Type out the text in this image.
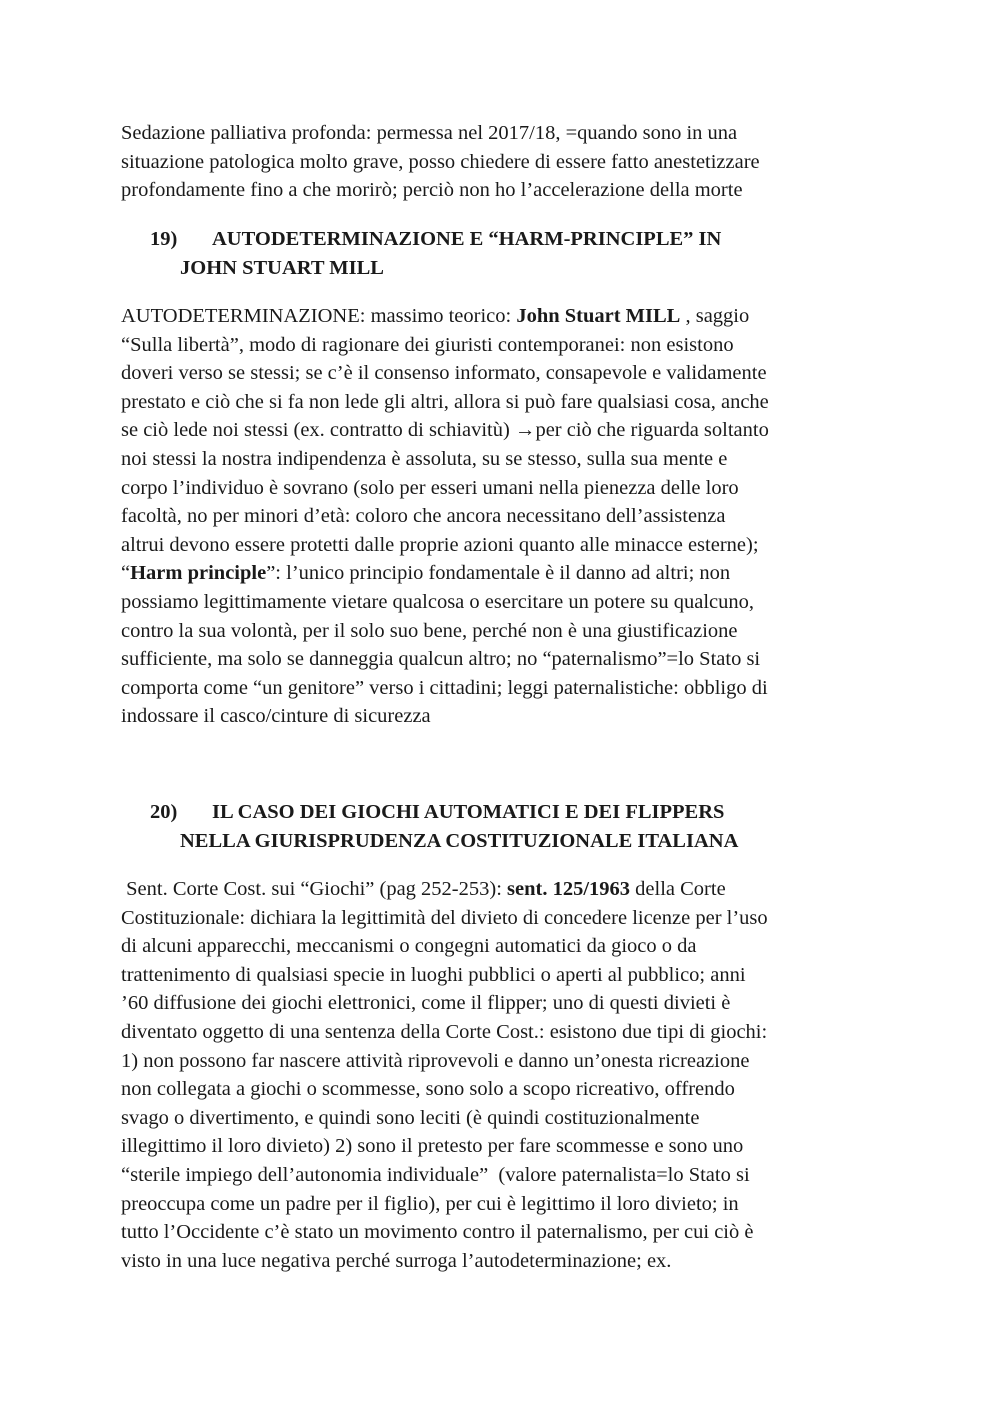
Sedazione palliativa profonda: permessa nel 2017/18, =quando sono in una
situazione patologica molto grave, posso chiedere di essere fatto anestetizzare
profondamente fino a che morirò; perciò non ho l’accelerazione della morte
19) AUTODETERMINAZIONE E “HARM-PRINCIPLE” IN
JOHN STUART MILL
AUTODETERMINAZIONE: massimo teorico: John Stuart MILL , saggio
“Sulla libertà”, modo di ragionare dei giuristi contemporanei: non esistono
doveri verso se stessi; se c’è il consenso informato, consapevole e validamente
prestato e ciò che si fa non lede gli altri, allora si può fare qualsiasi cosa, anche
se ciò lede noi stessi (ex. contratto di schiavitù) →per ciò che riguarda soltanto
noi stessi la nostra indipendenza è assoluta, su se stesso, sulla sua mente e
corpo l’individuo è sovrano (solo per esseri umani nella pienezza delle loro
facoltà, no per minori d’età: coloro che ancora necessitano dell’assistenza
altrui devono essere protetti dalle proprie azioni quanto alle minacce esterne);
“Harm principle”: l’unico principio fondamentale è il danno ad altri; non
possiamo legittimamente vietare qualcosa o esercitare un potere su qualcuno,
contro la sua volontà, per il solo suo bene, perché non è una giustificazione
sufficiente, ma solo se danneggia qualcun altro; no “paternalismo”=lo Stato si
comporta come “un genitore” verso i cittadini; leggi paternalistiche: obbligo di
indossare il casco/cinture di sicurezza
20) IL CASO DEI GIOCHI AUTOMATICI E DEI FLIPPERS
NELLA GIURISPRUDENZA COSTITUZIONALE ITALIANA
Sent. Corte Cost. sui “Giochi” (pag 252-253): sent. 125/1963 della Corte
Costituzionale: dichiara la legittimità del divieto di concedere licenze per l’uso
di alcuni apparecchi, meccanismi o congegni automatici da gioco o da
trattenimento di qualsiasi specie in luoghi pubblici o aperti al pubblico; anni
’60 diffusione dei giochi elettronici, come il flipper; uno di questi divieti è
diventato oggetto di una sentenza della Corte Cost.: esistono due tipi di giochi:
1) non possono far nascere attività riprovevoli e danno un’onesta ricreazione
non collegata a giochi o scommesse, sono solo a scopo ricreativo, offrendo
svago o divertimento, e quindi sono leciti (è quindi costituzionalmente
illegittimo il loro divieto) 2) sono il pretesto per fare scommesse e sono uno
“sterile impiego dell’autonomia individuale”  (valore paternalista=lo Stato si
preoccupa come un padre per il figlio), per cui è legittimo il loro divieto; in
tutto l’Occidente c’è stato un movimento contro il paternalismo, per cui ciò è
visto in una luce negativa perché surroga l’autodeterminazione; ex.
